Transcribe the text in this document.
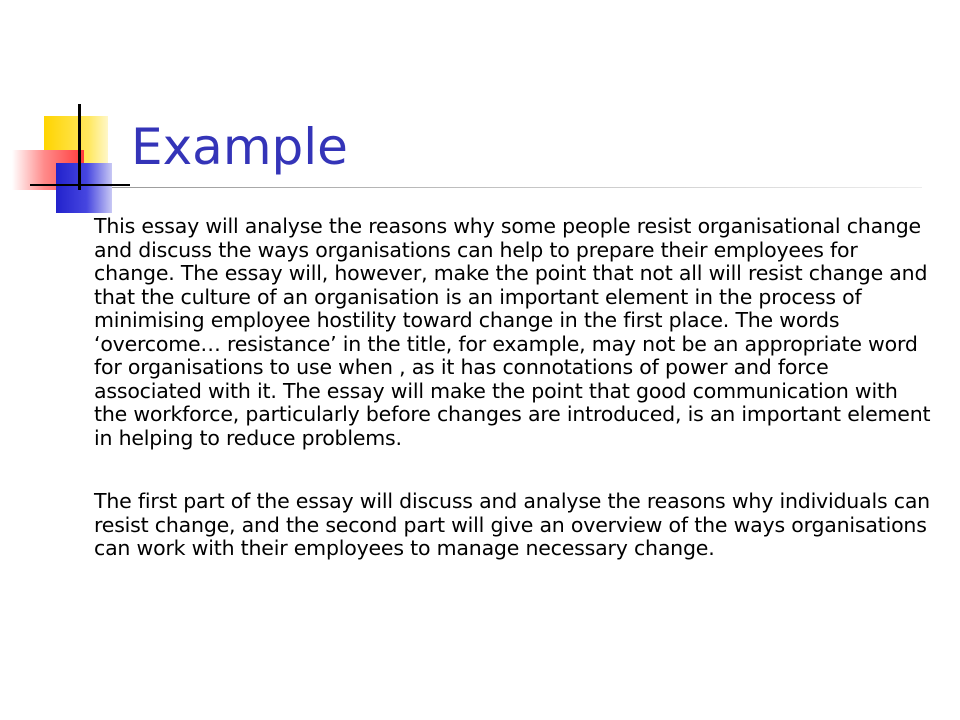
Example

This essay will analyse the reasons why some people resist organisational change and discuss the ways organisations can help to prepare their employees for change. The essay will, however, make the point that not all will resist change and that the culture of an organisation is an important element in the process of minimising employee hostility toward change in the first place. The words ‘overcome… resistance’ in the title, for example, may not be an appropriate word for organisations to use when , as it has connotations of power and force associated with it. The essay will make the point that good communication with the workforce, particularly before changes are introduced, is an important element in helping to reduce problems.

The first part of the essay will discuss and analyse the reasons why individuals can resist change, and the second part will give an overview of the ways organisations can work with their employees to manage necessary change.
